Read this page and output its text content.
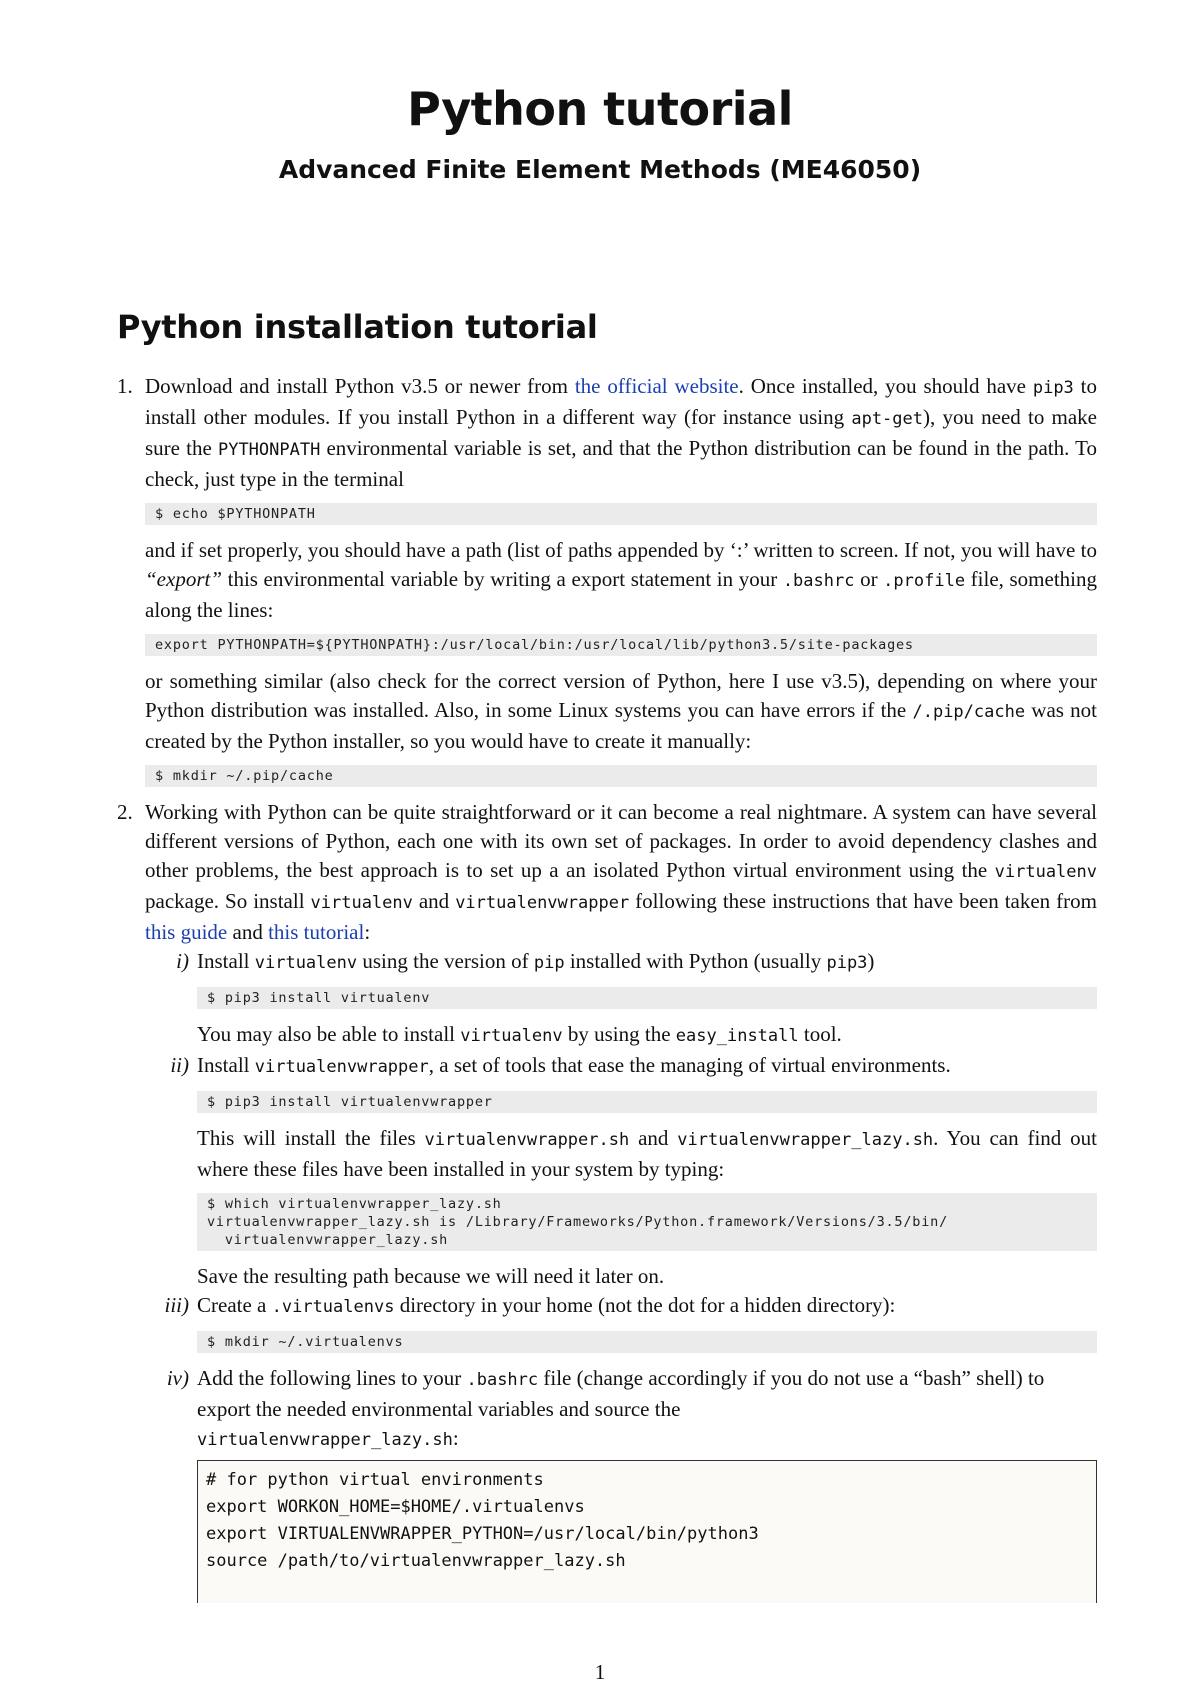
Python tutorial
Advanced Finite Element Methods (ME46050)
Python installation tutorial
1. Download and install Python v3.5 or newer from the official website. Once installed, you should have pip3 to install other modules. If you install Python in a different way (for instance using apt-get), you need to make sure the PYTHONPATH environmental variable is set, and that the Python distribution can be found in the path. To check, just type in the terminal

$ echo $PYTHONPATH

and if set properly, you should have a path (list of paths appended by ‘:’ written to screen. If not, you will have to “export” this environmental variable by writing a export statement in your .bashrc or .profile file, something along the lines:

export PYTHONPATH=${PYTHONPATH}:/usr/local/bin:/usr/local/lib/python3.5/site-packages

or something similar (also check for the correct version of Python, here I use v3.5), depending on where your Python distribution was installed. Also, in some Linux systems you can have errors if the /.pip/cache was not created by the Python installer, so you would have to create it manually:

$ mkdir ~/.pip/cache
2. Working with Python can be quite straightforward or it can become a real nightmare. A system can have several different versions of Python, each one with its own set of packages. In order to avoid dependency clashes and other problems, the best approach is to set up a an isolated Python virtual environment using the virtualenv package. So install virtualenv and virtualenvwrapper following these instructions that have been taken from this guide and this tutorial:

i) Install virtualenv using the version of pip installed with Python (usually pip3)

$ pip3 install virtualenv

You may also be able to install virtualenv by using the easy_install tool.

ii) Install virtualenvwrapper, a set of tools that ease the managing of virtual environments.

$ pip3 install virtualenvwrapper

This will install the files virtualenvwrapper.sh and virtualenvwrapper_lazy.sh. You can find out where these files have been installed in your system by typing:

$ which virtualenvwrapper_lazy.sh
virtualenvwrapper_lazy.sh is /Library/Frameworks/Python.framework/Versions/3.5/bin/
virtualenvwrapper_lazy.sh

Save the resulting path because we will need it later on.

iii) Create a .virtualenvs directory in your home (not the dot for a hidden directory):

$ mkdir ~/.virtualenvs
iv) Add the following lines to your .bashrc file (change accordingly if you do not use a “bash” shell) to export the needed environmental variables and source the
virtualenvwrapper_lazy.sh:

# for python virtual environments
export WORKON_HOME=$HOME/.virtualenvs
export VIRTUALENVWRAPPER_PYTHON=/usr/local/bin/python3
source /path/to/virtualenvwrapper_lazy.sh
1
